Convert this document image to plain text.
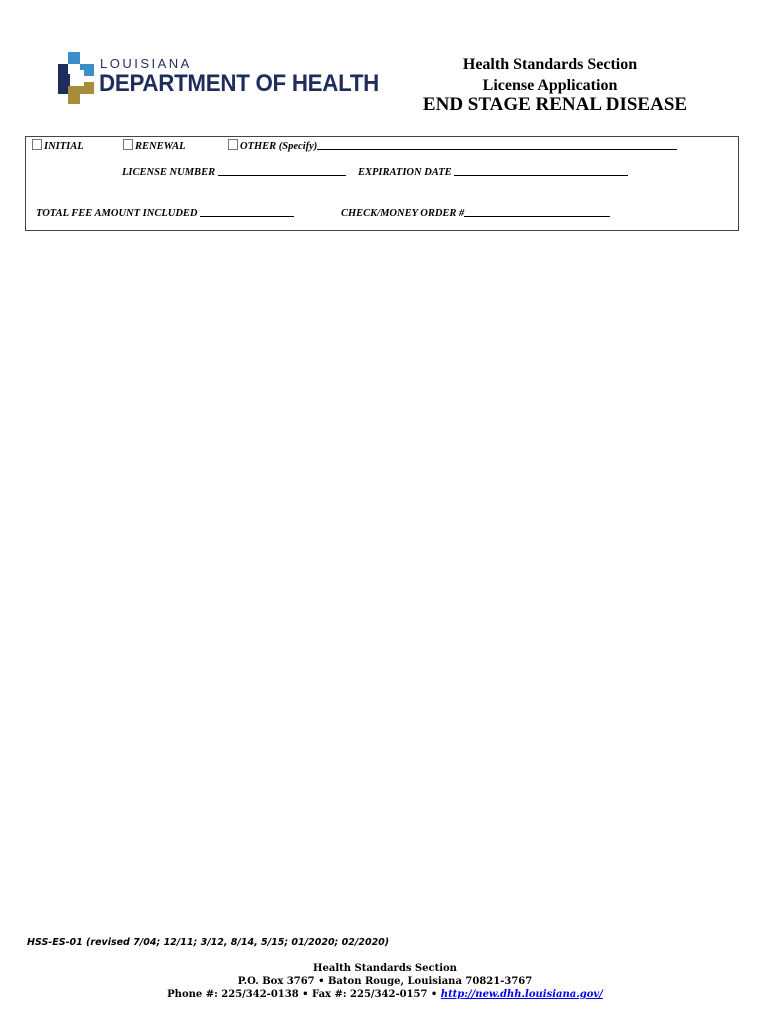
LOUISIANA
DEPARTMENT OF HEALTH
Health Standards Section
License Application
END STAGE RENAL DISEASE
INITIAL	RENEWAL	OTHER (Specify)
LICENSE NUMBER	EXPIRATION DATE
TOTAL FEE AMOUNT INCLUDED	CHECK/MONEY ORDER #
HSS-ES-01 (revised 7/04; 12/11; 3/12, 8/14, 5/15; 01/2020; 02/2020)
Health Standards Section
P.O. Box 3767 • Baton Rouge, Louisiana 70821-3767
Phone #: 225/342-0138 • Fax #: 225/342-0157 • http://new.dhh.louisiana.gov/
